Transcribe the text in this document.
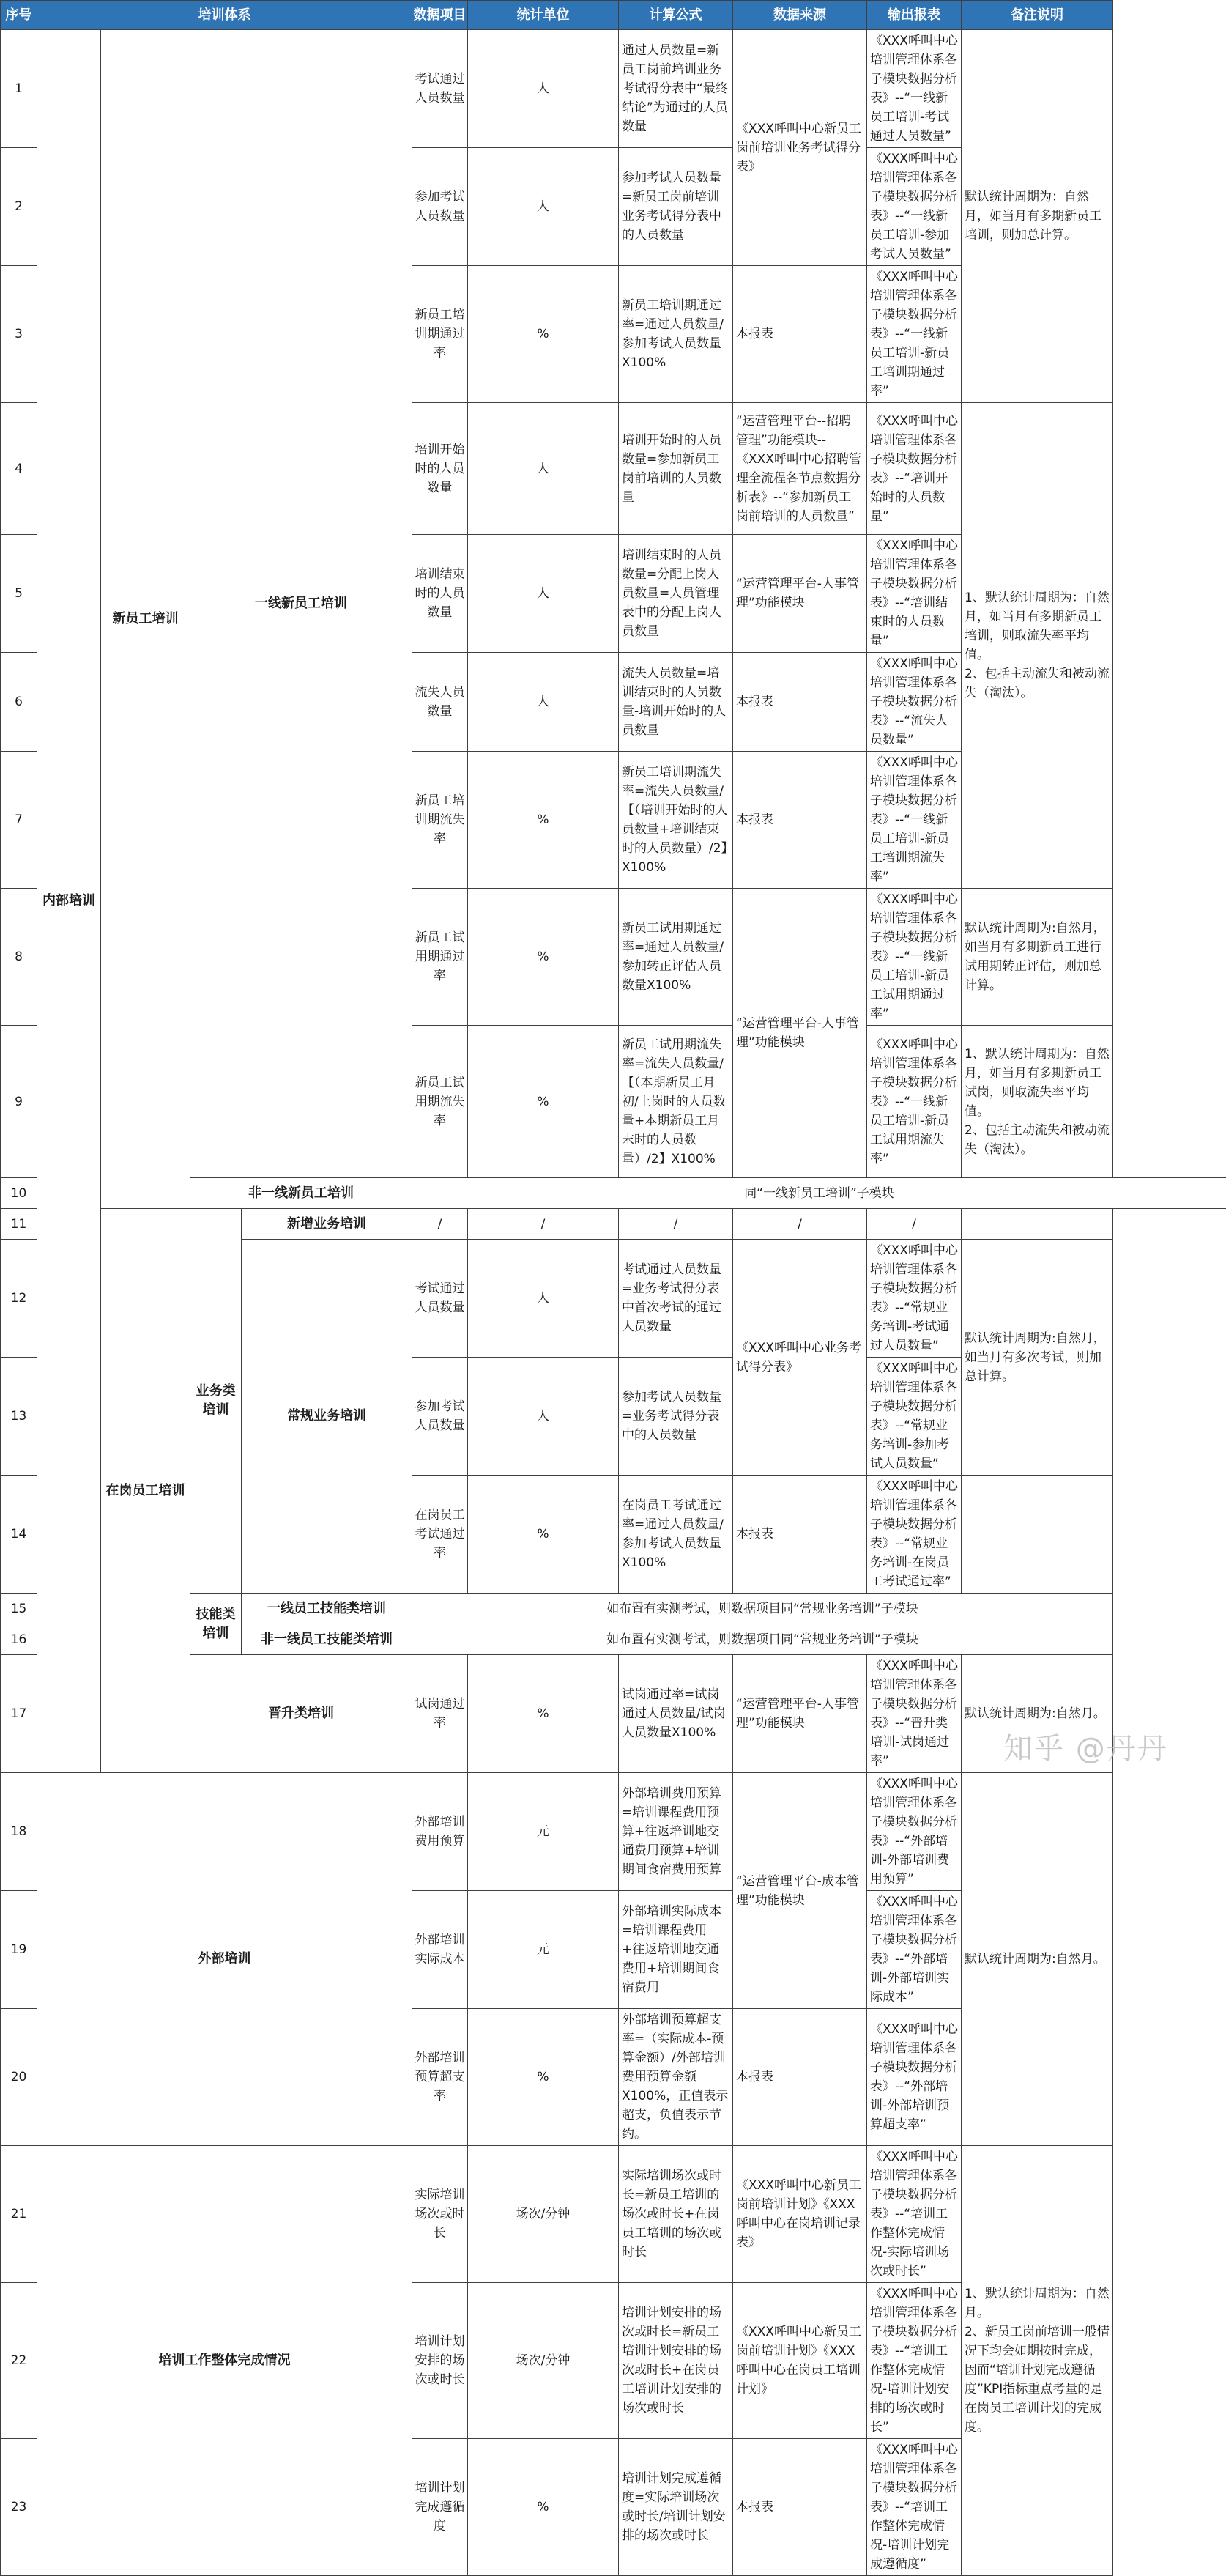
序号	培训体系				数据项目	统计单位	计算公式	数据来源	输出报表	备注说明
1	内部培训	新员工培训	一线新员工培训		考试通过人员数量	人	通过人员数量=新员工岗前培训业务考试得分表中“最终结论”为通过的人员数量	《XXX呼叫中心新员工岗前培训业务考试得分表》	《XXX呼叫中心培训管理体系各子模块数据分析表》--“一线新员工培训-考试通过人员数量”	默认统计周期为：自然月，如当月有多期新员工培训，则加总计算。
2					参加考试人员数量	人	参加考试人员数量=新员工岗前培训业务考试得分表中的人员数量		《XXX呼叫中心培训管理体系各子模块数据分析表》--“一线新员工培训-参加考试人员数量”	
3					新员工培训期通过率	%	新员工培训期通过率=通过人员数量/参加考试人员数量X100%	本报表	《XXX呼叫中心培训管理体系各子模块数据分析表》--“一线新员工培训-新员工培训期通过率”	
4					培训开始时的人员数量	人	培训开始时的人员数量=参加新员工岗前培训的人员数量	“运营管理平台--招聘管理”功能模块--《XXX呼叫中心招聘管理全流程各节点数据分析表》--“参加新员工岗前培训的人员数量”	《XXX呼叫中心培训管理体系各子模块数据分析表》--“培训开始时的人员数量”	1、默认统计周期为：自然月，如当月有多期新员工培训，则取流失率平均值。
2、包括主动流失和被动流失（淘汰）。
5					培训结束时的人员数量	人	培训结束时的人员数量=分配上岗人员数量=人员管理表中的分配上岗人员数量	“运营管理平台-人事管理”功能模块	《XXX呼叫中心培训管理体系各子模块数据分析表》--“培训结束时的人员数量”	
6					流失人员数量	人	流失人员数量=培训结束时的人员数量-培训开始时的人员数量	本报表	《XXX呼叫中心培训管理体系各子模块数据分析表》--“流失人员数量”	
7					新员工培训期流失率	%	新员工培训期流失率=流失人员数量/【（培训开始时的人员数量+培训结束时的人员数量）/2】X100%	本报表	《XXX呼叫中心培训管理体系各子模块数据分析表》--“一线新员工培训-新员工培训期流失率”	
8					新员工试用期通过率	%	新员工试用期通过率=通过人员数量/参加转正评估人员数量X100%	“运营管理平台-人事管理”功能模块	《XXX呼叫中心培训管理体系各子模块数据分析表》--“一线新员工培训-新员工试用期通过率”	默认统计周期为:自然月，如当月有多期新员工进行试用期转正评估，则加总计算。
9					新员工试用期流失率	%	新员工试用期流失率=流失人员数量/【（本期新员工月初/上岗时的人员数量+本期新员工月末时的人员数量）/2】X100%		《XXX呼叫中心培训管理体系各子模块数据分析表》--“一线新员工培训-新员工试用期流失率”	1、默认统计周期为：自然月，如当月有多期新员工试岗，则取流失率平均值。
2、包括主动流失和被动流失（淘汰）。
10			非一线新员工培训		同“一线新员工培训”子模块					
11		在岗员工培训	业务类培训	新增业务培训	/	/	/	/	/	
12				常规业务培训	考试通过人员数量	人	考试通过人员数量=业务考试得分表中首次考试的通过人员数量	《XXX呼叫中心业务考试得分表》	《XXX呼叫中心培训管理体系各子模块数据分析表》--“常规业务培训-考试通过人员数量”	默认统计周期为:自然月，如当月有多次考试，则加总计算。
13					参加考试人员数量	人	参加考试人员数量=业务考试得分表中的人员数量		《XXX呼叫中心培训管理体系各子模块数据分析表》--“常规业务培训-参加考试人员数量”	
14					在岗员工考试通过率	%	在岗员工考试通过率=通过人员数量/参加考试人员数量X100%	本报表	《XXX呼叫中心培训管理体系各子模块数据分析表》--“常规业务培训-在岗员工考试通过率”	
15			技能类培训	一线员工技能类培训	如布置有实测考试，则数据项目同“常规业务培训”子模块					
16				非一线员工技能类培训	如布置有实测考试，则数据项目同“常规业务培训”子模块					
17			晋升类培训		试岗通过率	%	试岗通过率=试岗通过人员数量/试岗人员数量X100%	“运营管理平台-人事管理”功能模块	《XXX呼叫中心培训管理体系各子模块数据分析表》--“晋升类培训-试岗通过率”	默认统计周期为:自然月。
18	外部培训				外部培训费用预算	元	外部培训费用预算=培训课程费用预算+往返培训地交通费用预算+培训期间食宿费用预算	“运营管理平台-成本管理”功能模块	《XXX呼叫中心培训管理体系各子模块数据分析表》--“外部培训-外部培训费用预算”	默认统计周期为:自然月。
19					外部培训实际成本	元	外部培训实际成本=培训课程费用+往返培训地交通费用+培训期间食宿费用		《XXX呼叫中心培训管理体系各子模块数据分析表》--“外部培训-外部培训实际成本”	
20					外部培训预算超支率	%	外部培训预算超支率=（实际成本-预算金额）/外部培训费用预算金额X100%，正值表示超支，负值表示节约。	本报表	《XXX呼叫中心培训管理体系各子模块数据分析表》--“外部培训-外部培训预算超支率”	
21	培训工作整体完成情况				实际培训场次或时长	场次/分钟	实际培训场次或时长=新员工培训的场次或时长+在岗员工培训的场次或时长	《XXX呼叫中心新员工岗前培训计划》《XXX呼叫中心在岗培训记录表》	《XXX呼叫中心培训管理体系各子模块数据分析表》--“培训工作整体完成情况-实际培训场次或时长”	1、默认统计周期为：自然月。
2、新员工岗前培训一般情况下均会如期按时完成，因而“培训计划完成遵循度”KPI指标重点考量的是在岗员工培训计划的完成度。
22					培训计划安排的场次或时长	场次/分钟	培训计划安排的场次或时长=新员工培训计划安排的场次或时长+在岗员工培训计划安排的场次或时长	《XXX呼叫中心新员工岗前培训计划》《XXX呼叫中心在岗员工培训计划》	《XXX呼叫中心培训管理体系各子模块数据分析表》--“培训工作整体完成情况-培训计划安排的场次或时长”	
23					培训计划完成遵循度	%	培训计划完成遵循度=实际培训场次或时长/培训计划安排的场次或时长	本报表	《XXX呼叫中心培训管理体系各子模块数据分析表》--“培训工作整体完成情况-培训计划完成遵循度”	
知乎 @丹丹
